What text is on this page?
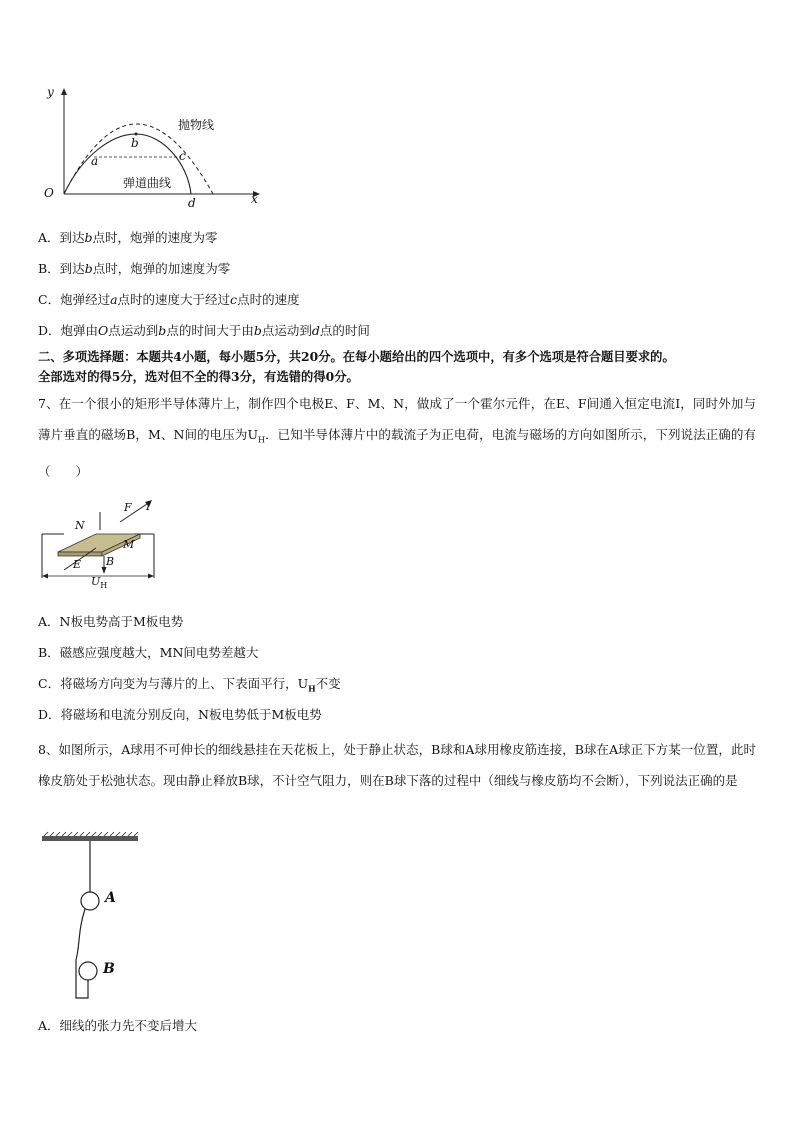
y
x
O
a
b
c
d
抛物线
弹道曲线
A．到达b点时，炮弹的速度为零
B．到达b点时，炮弹的加速度为零
C．炮弹经过a点时的速度大于经过c点时的速度
D．炮弹由O点运动到b点的时间大于由b点运动到d点的时间
二、多项选择题：本题共4小题，每小题5分，共20分。在每小题给出的四个选项中，有多个选项是符合题目要求的。
全部选对的得5分，选对但不全的得3分，有选错的得0分。
7、在一个很小的矩形半导体薄片上，制作四个电极E、F、M、N，做成了一个霍尔元件，在E、F间通入恒定电流I，同时外加与薄片垂直的磁场B，M、N间的电压为$U_H$．已知半导体薄片中的载流子为正电荷，电流与磁场的方向如图所示，下列说法正确的有（　　）
F I
N
M
E B
$U_H$
A．N板电势高于M板电势
B．磁感应强度越大，MN间电势差越大
C．将磁场方向变为与薄片的上、下表面平行，$U_H$不变
D．将磁场和电流分别反向，N板电势低于M板电势
8、如图所示，A球用不可伸长的细线悬挂在天花板上，处于静止状态，B球和A球用橡皮筋连接，B球在A球正下方某一位置，此时橡皮筋处于松弛状态。现由静止释放B球，不计空气阻力，则在B球下落的过程中（细线与橡皮筋均不会断），下列说法正确的是
A
B
A．细线的张力先不变后增大
